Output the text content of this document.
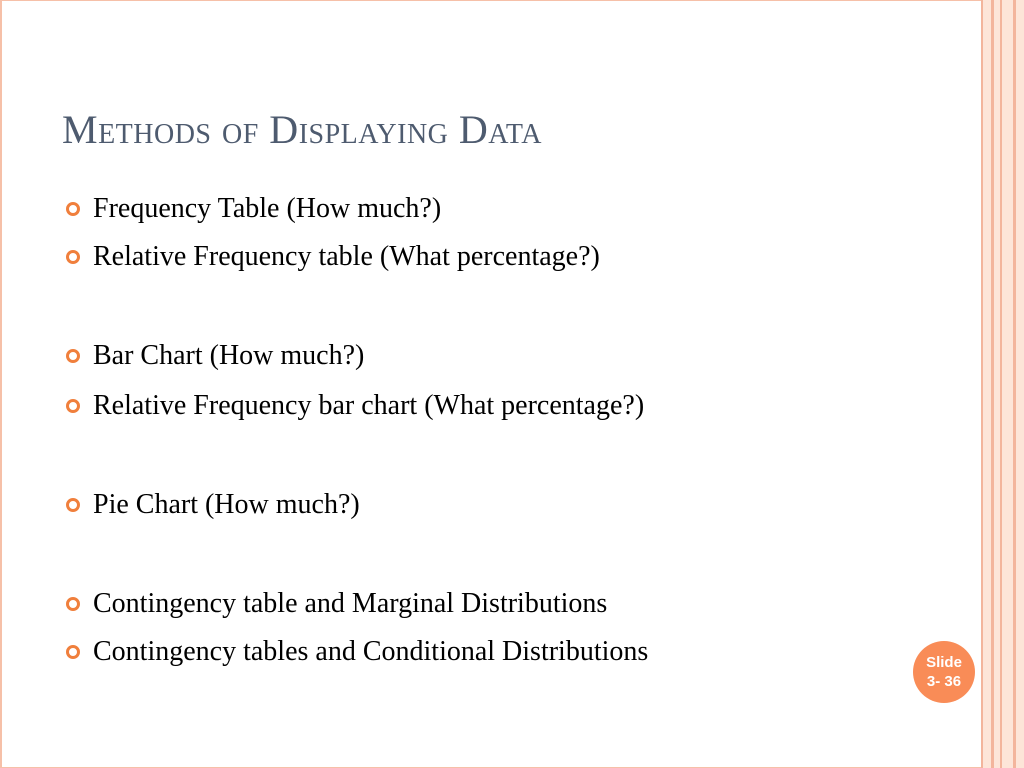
Methods of Displaying Data
Frequency Table (How much?)
Relative Frequency table (What percentage?)
Bar Chart (How much?)
Relative Frequency bar chart (What percentage?)
Pie Chart (How much?)
Contingency table and Marginal Distributions
Contingency tables and Conditional Distributions	Slide
3- 36
